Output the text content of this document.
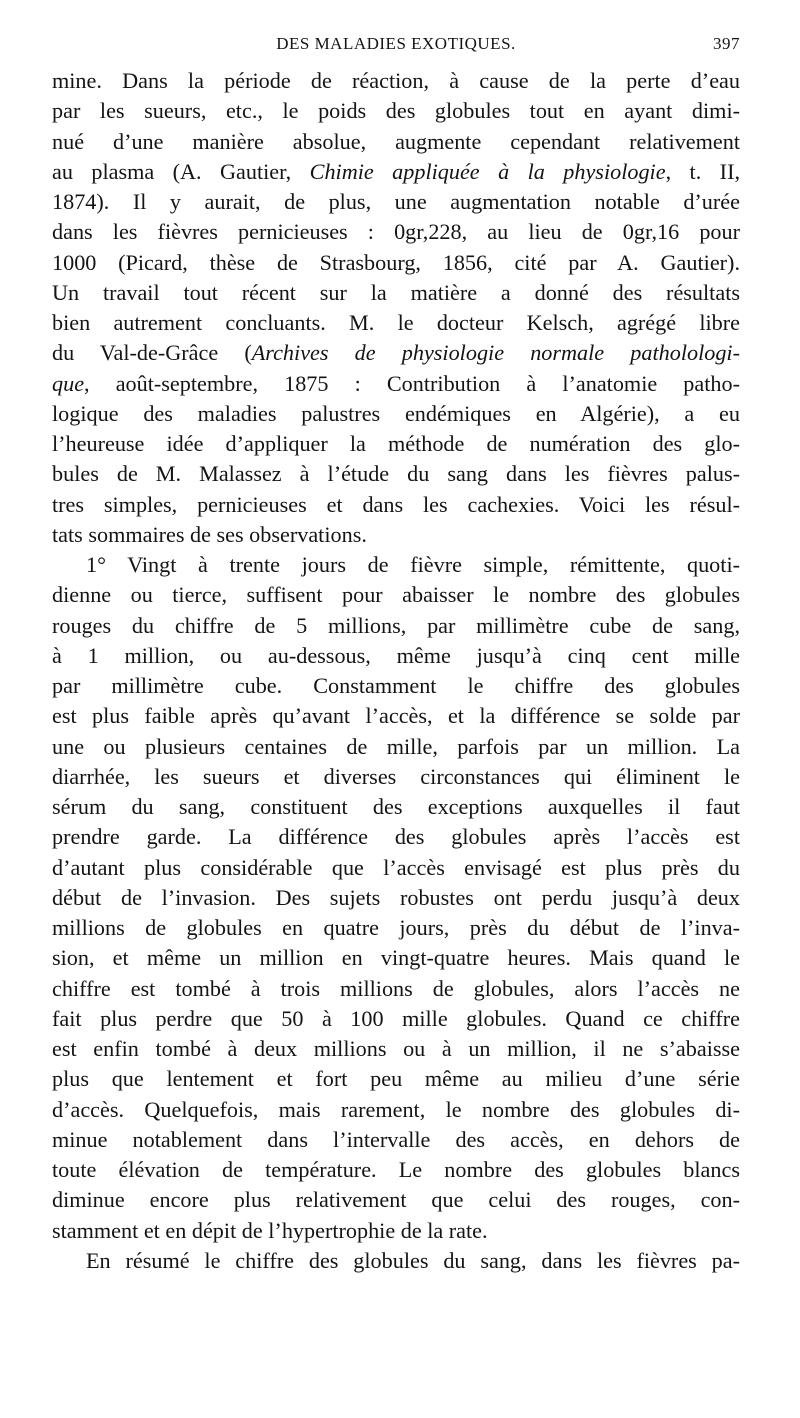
DES MALADIES EXOTIQUES.	397
mine. Dans la période de réaction, à cause de la perte d’eau
par les sueurs, etc., le poids des globules tout en ayant dimi-
nué d’une manière absolue, augmente cependant relativement
au plasma (A. Gautier, Chimie appliquée à la physiologie, t. II,
1874). Il y aurait, de plus, une augmentation notable d’urée
dans les fièvres pernicieuses : 0gr,228, au lieu de 0gr,16 pour
1000 (Picard, thèse de Strasbourg, 1856, cité par A. Gautier).
Un travail tout récent sur la matière a donné des résultats
bien autrement concluants. M. le docteur Kelsch, agrégé libre
du Val-de-Grâce (Archives de physiologie normale patholologi-
que, août-septembre, 1875 : Contribution à l’anatomie patho-
logique des maladies palustres endémiques en Algérie), a eu
l’heureuse idée d’appliquer la méthode de numération des glo-
bules de M. Malassez à l’étude du sang dans les fièvres palus-
tres simples, pernicieuses et dans les cachexies. Voici les résul-
tats sommaires de ses observations.
1° Vingt à trente jours de fièvre simple, rémittente, quoti-
dienne ou tierce, suffisent pour abaisser le nombre des globules
rouges du chiffre de 5 millions, par millimètre cube de sang,
à 1 million, ou au-dessous, même jusqu’à cinq cent mille
par millimètre cube. Constamment le chiffre des globules
est plus faible après qu’avant l’accès, et la différence se solde par
une ou plusieurs centaines de mille, parfois par un million. La
diarrhée, les sueurs et diverses circonstances qui éliminent le
sérum du sang, constituent des exceptions auxquelles il faut
prendre garde. La différence des globules après l’accès est
d’autant plus considérable que l’accès envisagé est plus près du
début de l’invasion. Des sujets robustes ont perdu jusqu’à deux
millions de globules en quatre jours, près du début de l’inva-
sion, et même un million en vingt-quatre heures. Mais quand le
chiffre est tombé à trois millions de globules, alors l’accès ne
fait plus perdre que 50 à 100 mille globules. Quand ce chiffre
est enfin tombé à deux millions ou à un million, il ne s’abaisse
plus que lentement et fort peu même au milieu d’une série
d’accès. Quelquefois, mais rarement, le nombre des globules di-
minue notablement dans l’intervalle des accès, en dehors de
toute élévation de température. Le nombre des globules blancs
diminue encore plus relativement que celui des rouges, con-
stamment et en dépit de l’hypertrophie de la rate.
En résumé le chiffre des globules du sang, dans les fièvres pa-
